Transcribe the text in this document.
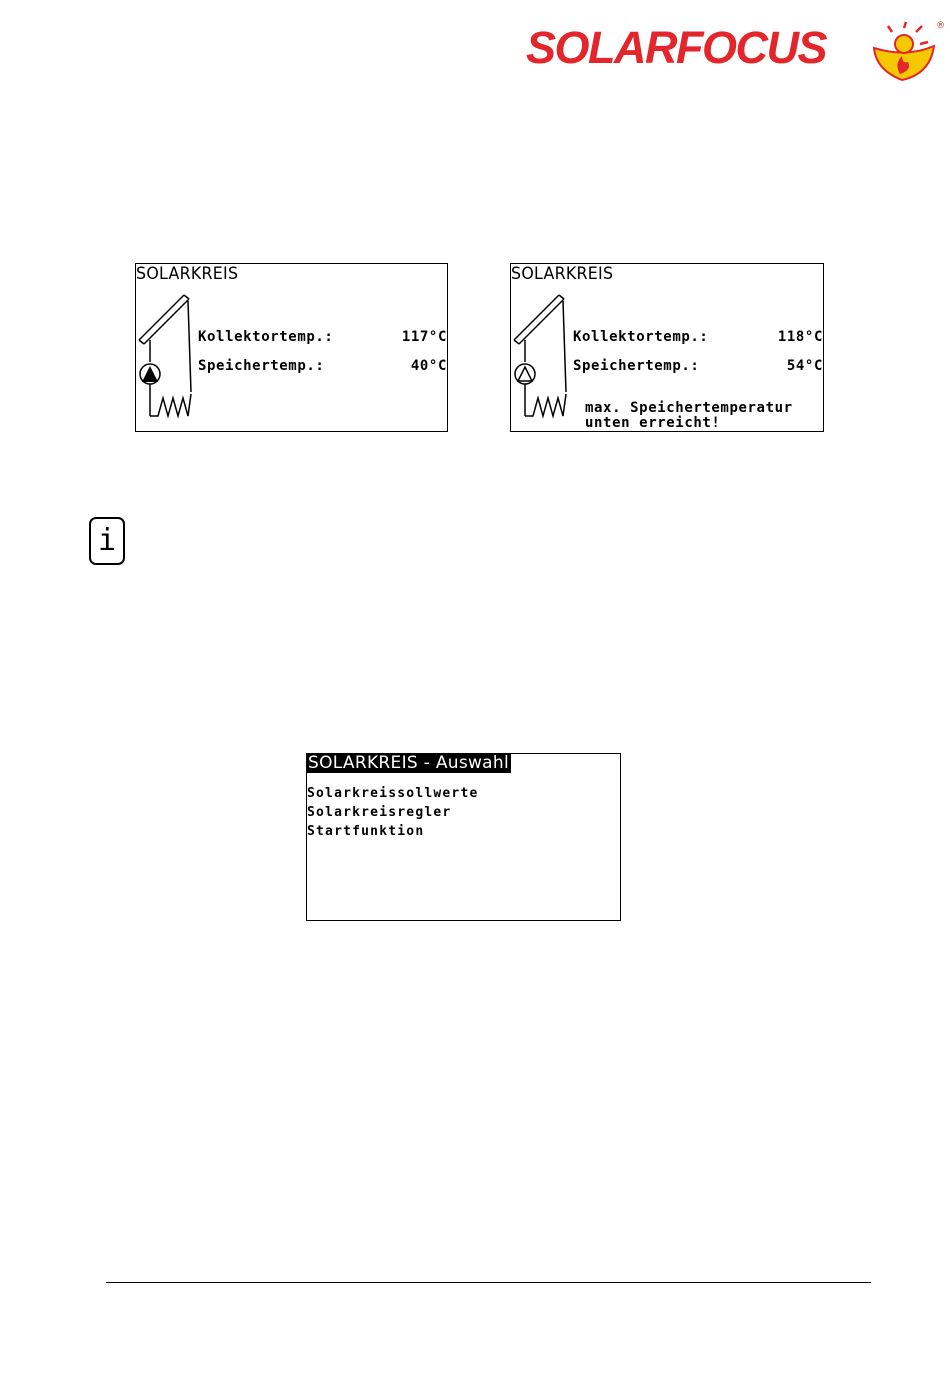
SOLARFOCUS	®
SOLARKREIS
Kollektortemp.:	117°C
Speichertemp.:	40°C
SOLARKREIS
Kollektortemp.:	118°C
Speichertemp.:	54°C
max. Speichertemperatur
unten erreicht!
i
SOLARKREIS - Auswahl
Solarkreissollwerte
Solarkreisregler
Startfunktion
